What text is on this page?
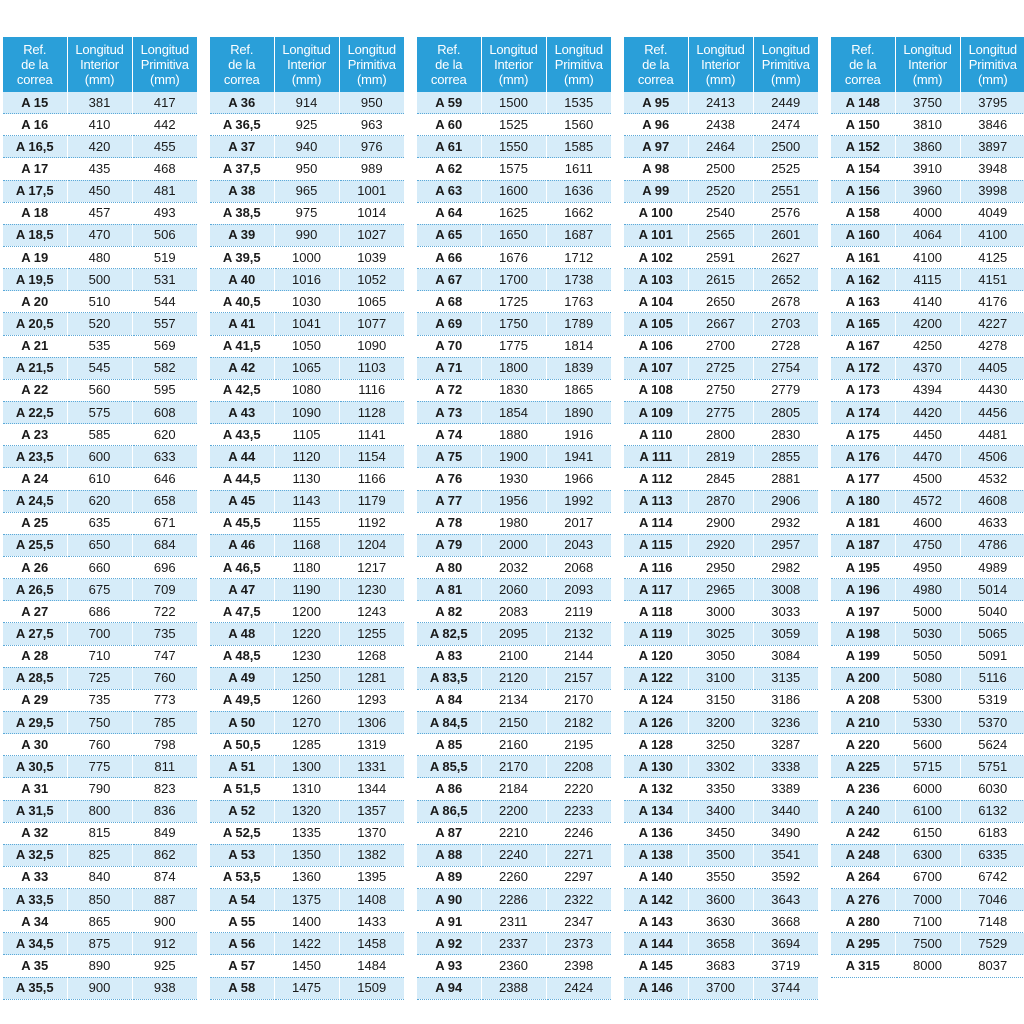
Ref.
de la
correa	Longitud
Interior
(mm)	Longitud
Primitiva
(mm)
A 15	381	417
A 16	410	442
A 16,5	420	455
A 17	435	468
A 17,5	450	481
A 18	457	493
A 18,5	470	506
A 19	480	519
A 19,5	500	531
A 20	510	544
A 20,5	520	557
A 21	535	569
A 21,5	545	582
A 22	560	595
A 22,5	575	608
A 23	585	620
A 23,5	600	633
A 24	610	646
A 24,5	620	658
A 25	635	671
A 25,5	650	684
A 26	660	696
A 26,5	675	709
A 27	686	722
A 27,5	700	735
A 28	710	747
A 28,5	725	760
A 29	735	773
A 29,5	750	785
A 30	760	798
A 30,5	775	811
A 31	790	823
A 31,5	800	836
A 32	815	849
A 32,5	825	862
A 33	840	874
A 33,5	850	887
A 34	865	900
A 34,5	875	912
A 35	890	925
A 35,5	900	938
Ref.
de la
correa	Longitud
Interior
(mm)	Longitud
Primitiva
(mm)
A 36	914	950
A 36,5	925	963
A 37	940	976
A 37,5	950	989
A 38	965	1001
A 38,5	975	1014
A 39	990	1027
A 39,5	1000	1039
A 40	1016	1052
A 40,5	1030	1065
A 41	1041	1077
A 41,5	1050	1090
A 42	1065	1103
A 42,5	1080	1116
A 43	1090	1128
A 43,5	1105	1141
A 44	1120	1154
A 44,5	1130	1166
A 45	1143	1179
A 45,5	1155	1192
A 46	1168	1204
A 46,5	1180	1217
A 47	1190	1230
A 47,5	1200	1243
A 48	1220	1255
A 48,5	1230	1268
A 49	1250	1281
A 49,5	1260	1293
A 50	1270	1306
A 50,5	1285	1319
A 51	1300	1331
A 51,5	1310	1344
A 52	1320	1357
A 52,5	1335	1370
A 53	1350	1382
A 53,5	1360	1395
A 54	1375	1408
A 55	1400	1433
A 56	1422	1458
A 57	1450	1484
A 58	1475	1509
Ref.
de la
correa	Longitud
Interior
(mm)	Longitud
Primitiva
(mm)
A 59	1500	1535
A 60	1525	1560
A 61	1550	1585
A 62	1575	1611
A 63	1600	1636
A 64	1625	1662
A 65	1650	1687
A 66	1676	1712
A 67	1700	1738
A 68	1725	1763
A 69	1750	1789
A 70	1775	1814
A 71	1800	1839
A 72	1830	1865
A 73	1854	1890
A 74	1880	1916
A 75	1900	1941
A 76	1930	1966
A 77	1956	1992
A 78	1980	2017
A 79	2000	2043
A 80	2032	2068
A 81	2060	2093
A 82	2083	2119
A 82,5	2095	2132
A 83	2100	2144
A 83,5	2120	2157
A 84	2134	2170
A 84,5	2150	2182
A 85	2160	2195
A 85,5	2170	2208
A 86	2184	2220
A 86,5	2200	2233
A 87	2210	2246
A 88	2240	2271
A 89	2260	2297
A 90	2286	2322
A 91	2311	2347
A 92	2337	2373
A 93	2360	2398
A 94	2388	2424
Ref.
de la
correa	Longitud
Interior
(mm)	Longitud
Primitiva
(mm)
A 95	2413	2449
A 96	2438	2474
A 97	2464	2500
A 98	2500	2525
A 99	2520	2551
A 100	2540	2576
A 101	2565	2601
A 102	2591	2627
A 103	2615	2652
A 104	2650	2678
A 105	2667	2703
A 106	2700	2728
A 107	2725	2754
A 108	2750	2779
A 109	2775	2805
A 110	2800	2830
A 111	2819	2855
A 112	2845	2881
A 113	2870	2906
A 114	2900	2932
A 115	2920	2957
A 116	2950	2982
A 117	2965	3008
A 118	3000	3033
A 119	3025	3059
A 120	3050	3084
A 122	3100	3135
A 124	3150	3186
A 126	3200	3236
A 128	3250	3287
A 130	3302	3338
A 132	3350	3389
A 134	3400	3440
A 136	3450	3490
A 138	3500	3541
A 140	3550	3592
A 142	3600	3643
A 143	3630	3668
A 144	3658	3694
A 145	3683	3719
A 146	3700	3744
Ref.
de la
correa	Longitud
Interior
(mm)	Longitud
Primitiva
(mm)
A 148	3750	3795
A 150	3810	3846
A 152	3860	3897
A 154	3910	3948
A 156	3960	3998
A 158	4000	4049
A 160	4064	4100
A 161	4100	4125
A 162	4115	4151
A 163	4140	4176
A 165	4200	4227
A 167	4250	4278
A 172	4370	4405
A 173	4394	4430
A 174	4420	4456
A 175	4450	4481
A 176	4470	4506
A 177	4500	4532
A 180	4572	4608
A 181	4600	4633
A 187	4750	4786
A 195	4950	4989
A 196	4980	5014
A 197	5000	5040
A 198	5030	5065
A 199	5050	5091
A 200	5080	5116
A 208	5300	5319
A 210	5330	5370
A 220	5600	5624
A 225	5715	5751
A 236	6000	6030
A 240	6100	6132
A 242	6150	6183
A 248	6300	6335
A 264	6700	6742
A 276	7000	7046
A 280	7100	7148
A 295	7500	7529
A 315	8000	8037
